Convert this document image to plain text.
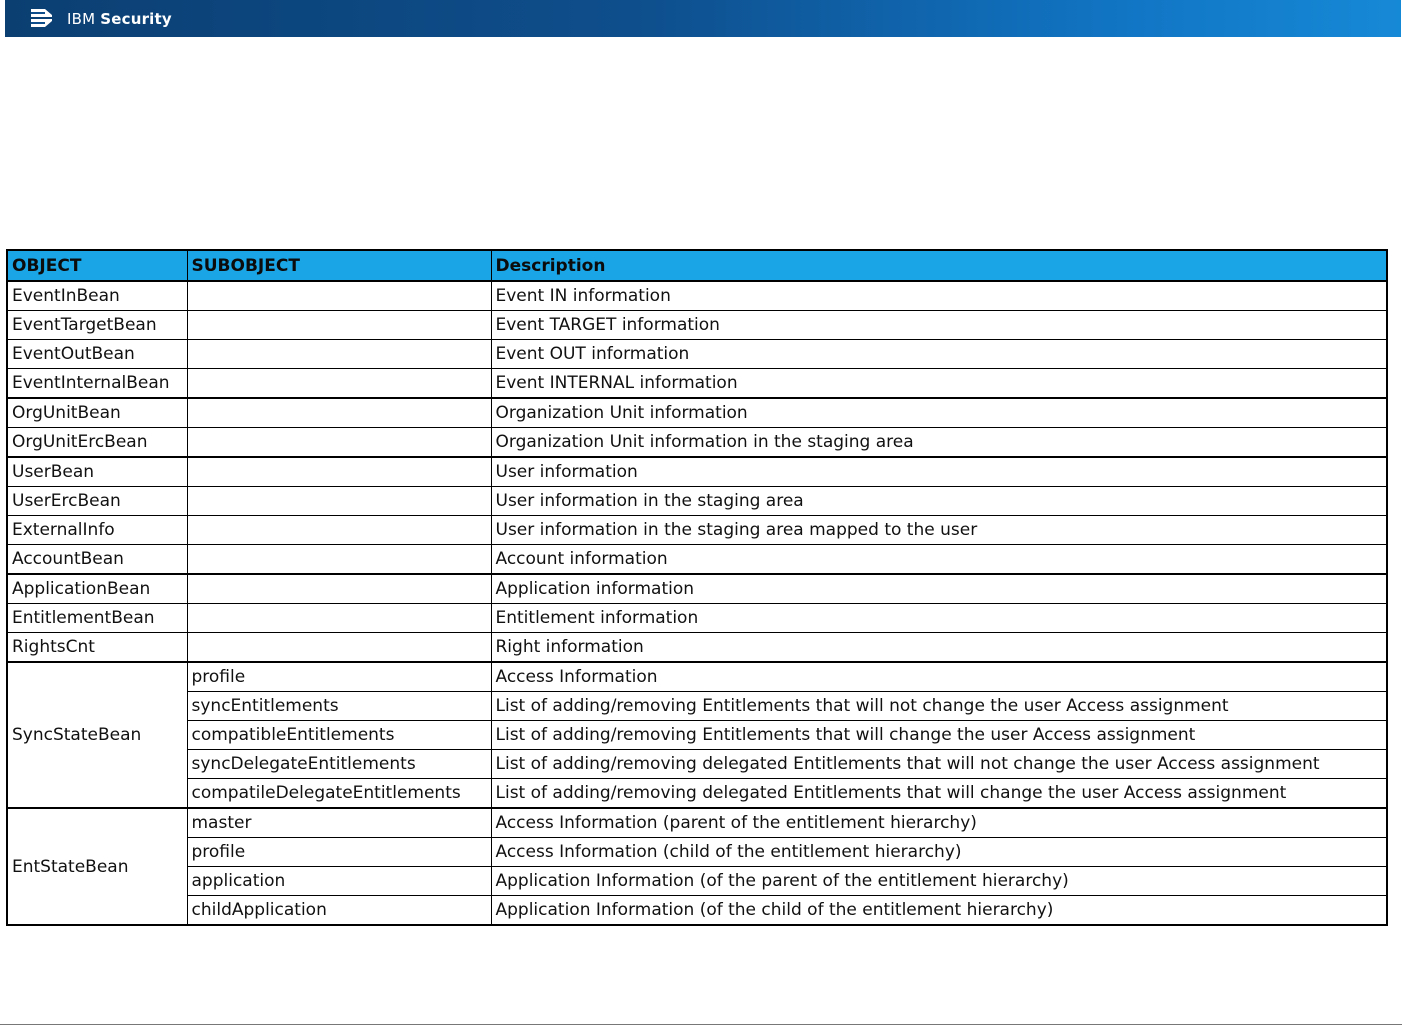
IBM Security
OBJECT	SUBOBJECT	Description
EventInBean		Event IN information
EventTargetBean		Event TARGET information
EventOutBean		Event OUT information
EventInternalBean		Event INTERNAL information
OrgUnitBean		Organization Unit information
OrgUnitErcBean		Organization Unit information in the staging area
UserBean		User information
UserErcBean		User information in the staging area
ExternalInfo		User information in the staging area mapped to the user
AccountBean		Account information
ApplicationBean		Application information
EntitlementBean		Entitlement information
RightsCnt		Right information
SyncStateBean	profile	Access Information
	syncEntitlements	List of adding/removing Entitlements that will not change the user Access assignment
	compatibleEntitlements	List of adding/removing Entitlements that will change the user Access assignment
	syncDelegateEntitlements	List of adding/removing delegated Entitlements that will not change the user Access assignment
	compatileDelegateEntitlements	List of adding/removing delegated Entitlements that will change the user Access assignment
EntStateBean	master	Access Information (parent of the entitlement hierarchy)
	profile	Access Information (child of the entitlement hierarchy)
	application	Application Information (of the parent of the entitlement hierarchy)
	childApplication	Application Information (of the child of the entitlement hierarchy)
